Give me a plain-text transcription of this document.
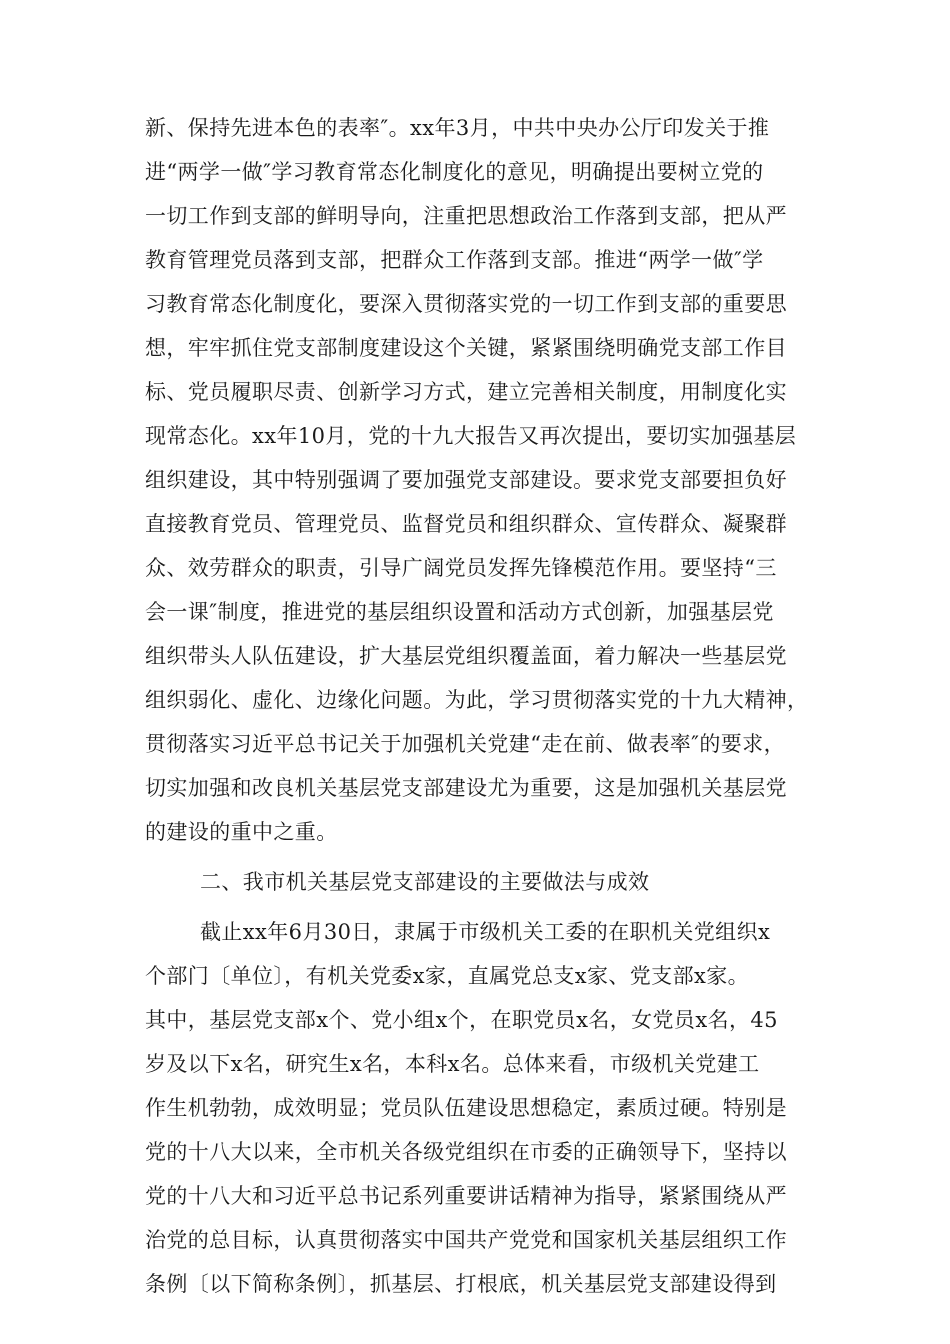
新、保持先进本色的表率″。xx年3月，中共中央办公厅印发关于推
进“两学一做″学习教育常态化制度化的意见，明确提出要树立党的
一切工作到支部的鲜明导向，注重把思想政治工作落到支部，把从严
教育管理党员落到支部，把群众工作落到支部。推进“两学一做″学
习教育常态化制度化，要深入贯彻落实党的一切工作到支部的重要思
想，牢牢抓住党支部制度建设这个关键，紧紧围绕明确党支部工作目
标、党员履职尽责、创新学习方式，建立完善相关制度，用制度化实
现常态化。xx年10月，党的十九大报告又再次提出，要切实加强基层
组织建设，其中特别强调了要加强党支部建设。要求党支部要担负好
直接教育党员、管理党员、监督党员和组织群众、宣传群众、凝聚群
众、效劳群众的职责，引导广阔党员发挥先锋模范作用。要坚持“三
会一课″制度，推进党的基层组织设置和活动方式创新，加强基层党
组织带头人队伍建设，扩大基层党组织覆盖面，着力解决一些基层党
组织弱化、虚化、边缘化问题。为此，学习贯彻落实党的十九大精神，
贯彻落实习近平总书记关于加强机关党建“走在前、做表率″的要求，
切实加强和改良机关基层党支部建设尤为重要，这是加强机关基层党
的建设的重中之重。
二、我市机关基层党支部建设的主要做法与成效
截止xx年6月30日，隶属于市级机关工委的在职机关党组织x
个部门〔单位〕，有机关党委x家，直属党总支x家、党支部x家。
其中，基层党支部x个、党小组x个，在职党员x名，女党员x名，45
岁及以下x名，研究生x名，本科x名。总体来看，市级机关党建工
作生机勃勃，成效明显；党员队伍建设思想稳定，素质过硬。特别是
党的十八大以来，全市机关各级党组织在市委的正确领导下，坚持以
党的十八大和习近平总书记系列重要讲话精神为指导，紧紧围绕从严
治党的总目标，认真贯彻落实中国共产党党和国家机关基层组织工作
条例〔以下简称条例〕，抓基层、打根底，机关基层党支部建设得到
